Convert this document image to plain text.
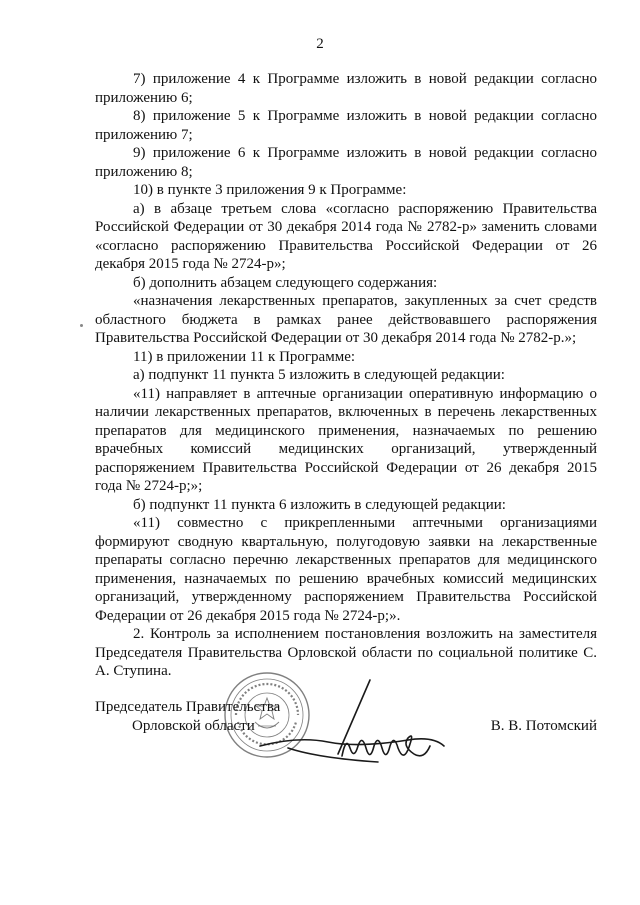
2

7) приложение 4 к Программе изложить в новой редакции согласно приложению 6;

8) приложение 5 к Программе изложить в новой редакции согласно приложению 7;

9) приложение 6 к Программе изложить в новой редакции согласно приложению 8;

10) в пункте 3 приложения 9 к Программе:

а) в абзаце третьем слова «согласно распоряжению Правительства Российской Федерации от 30 декабря 2014 года № 2782-р» заменить словами «согласно распоряжению Правительства Российской Федерации от 26 декабря 2015 года № 2724-р»;

б) дополнить абзацем следующего содержания:

«назначения лекарственных препаратов, закупленных за счет средств областного бюджета в рамках ранее действовавшего распоряжения Правительства Российской Федерации от 30 декабря 2014 года № 2782-р.»;

11) в приложении 11 к Программе:

а) подпункт 11 пункта 5 изложить в следующей редакции:

«11) направляет в аптечные организации оперативную информацию о наличии лекарственных препаратов, включенных в перечень лекарственных препаратов для медицинского применения, назначаемых по решению врачебных комиссий медицинских организаций, утвержденный распоряжением Правительства Российской Федерации от 26 декабря 2015 года № 2724-р;»;

б) подпункт 11 пункта 6 изложить в следующей редакции:

«11) совместно с прикрепленными аптечными организациями формируют сводную квартальную, полугодовую заявки на лекарственные препараты согласно перечню лекарственных препаратов для медицинского применения, назначаемых по решению врачебных комиссий медицинских организаций, утвержденному распоряжением Правительства Российской Федерации от 26 декабря 2015 года № 2724-р;».

2. Контроль за исполнением постановления возложить на заместителя Председателя Правительства Орловской области по социальной политике С. А. Ступина.

Председатель Правительства
Орловской области	В. В. Потомский
